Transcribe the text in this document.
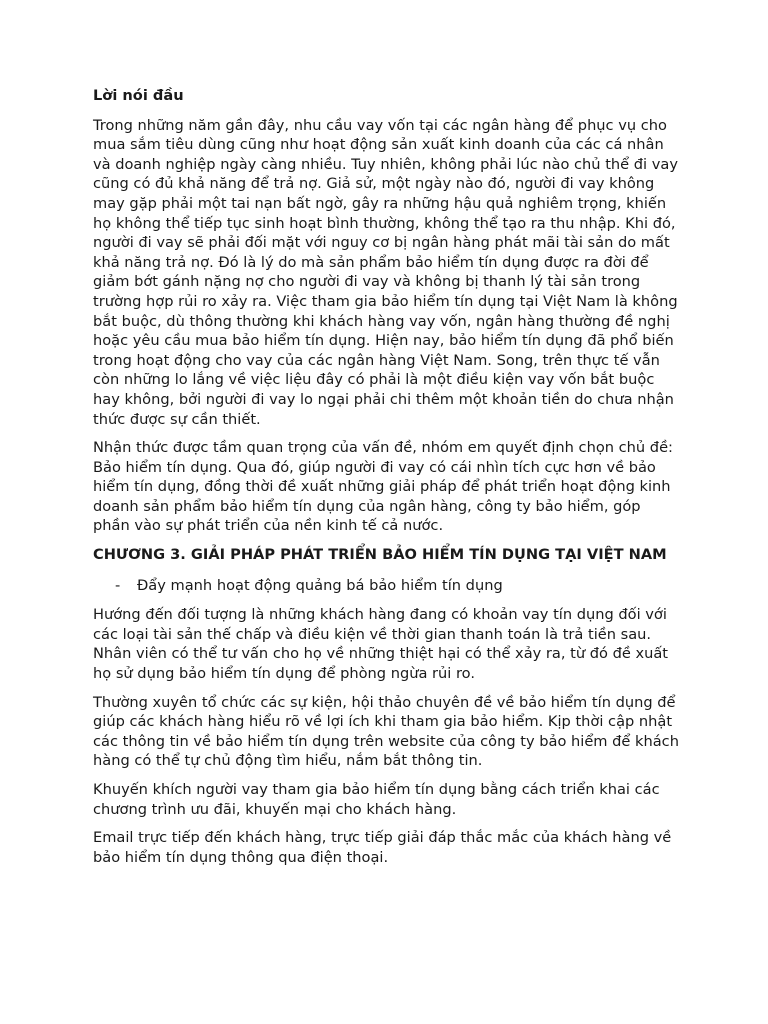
Lời nói đầu

Trong những năm gần đây, nhu cầu vay vốn tại các ngân hàng để phục vụ cho mua sắm tiêu dùng cũng như hoạt động sản xuất kinh doanh của các cá nhân và doanh nghiệp ngày càng nhiều. Tuy nhiên, không phải lúc nào chủ thể đi vay cũng có đủ khả năng để trả nợ. Giả sử, một ngày nào đó, người đi vay không may gặp phải một tai nạn bất ngờ, gây ra những hậu quả nghiêm trọng, khiến họ không thể tiếp tục sinh hoạt bình thường, không thể tạo ra thu nhập. Khi đó, người đi vay sẽ phải đối mặt với nguy cơ bị ngân hàng phát mãi tài sản do mất khả năng trả nợ. Đó là lý do mà sản phẩm bảo hiểm tín dụng được ra đời để giảm bớt gánh nặng nợ cho người đi vay và không bị thanh lý tài sản trong trường hợp rủi ro xảy ra. Việc tham gia bảo hiểm tín dụng tại Việt Nam là không bắt buộc, dù thông thường khi khách hàng vay vốn, ngân hàng thường đề nghị hoặc yêu cầu mua bảo hiểm tín dụng. Hiện nay, bảo hiểm tín dụng đã phổ biến trong hoạt động cho vay của các ngân hàng Việt Nam. Song, trên thực tế vẫn còn những lo lắng về việc liệu đây có phải là một điều kiện vay vốn bắt buộc hay không, bởi người đi vay lo ngại phải chi thêm một khoản tiền do chưa nhận thức được sự cần thiết.

Nhận thức được tầm quan trọng của vấn đề, nhóm em quyết định chọn chủ đề: Bảo hiểm tín dụng. Qua đó, giúp người đi vay có cái nhìn tích cực hơn về bảo hiểm tín dụng, đồng thời đề xuất những giải pháp để phát triển hoạt động kinh doanh sản phẩm bảo hiểm tín dụng của ngân hàng, công ty bảo hiểm, góp phần vào sự phát triển của nền kinh tế cả nước.

CHƯƠNG 3. GIẢI PHÁP PHÁT TRIỂN BẢO HIỂM TÍN DỤNG TẠI VIỆT NAM
-	Đẩy mạnh hoạt động quảng bá bảo hiểm tín dụng

Hướng đến đối tượng là những khách hàng đang có khoản vay tín dụng đối với các loại tài sản thế chấp và điều kiện về thời gian thanh toán là trả tiền sau. Nhân viên có thể tư vấn cho họ về những thiệt hại có thể xảy ra, từ đó đề xuất họ sử dụng bảo hiểm tín dụng để phòng ngừa rủi ro.

Thường xuyên tổ chức các sự kiện, hội thảo chuyên đề về bảo hiểm tín dụng để giúp các khách hàng hiểu rõ về lợi ích khi tham gia bảo hiểm. Kịp thời cập nhật các thông tin về bảo hiểm tín dụng trên website của công ty bảo hiểm để khách hàng có thể tự chủ động tìm hiểu, nắm bắt thông tin.

Khuyến khích người vay tham gia bảo hiểm tín dụng bằng cách triển khai các chương trình ưu đãi, khuyến mại cho khách hàng.

Email trực tiếp đến khách hàng, trực tiếp giải đáp thắc mắc của khách hàng về bảo hiểm tín dụng thông qua điện thoại.
